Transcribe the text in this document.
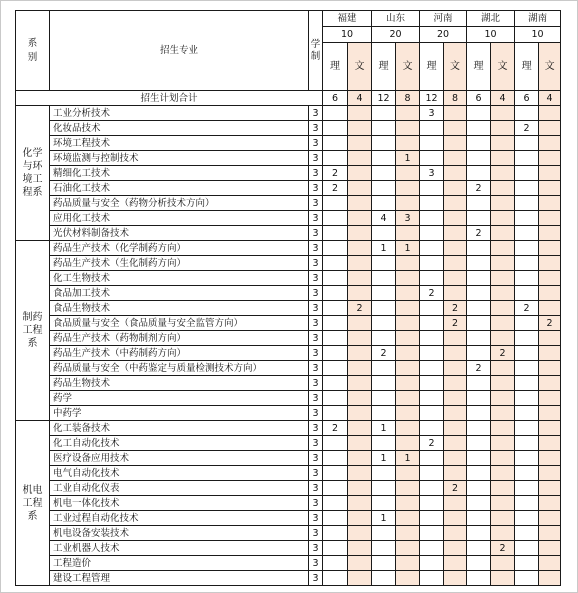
系别	招生专业	学制	福建		山东		河南		湖北		湖南	
			10		20		20		10		10	
			理	文	理	文	理	文	理	文	理	文
招生计划合计			6	4	12	8	12	8	6	4	6	4
化学与环境工程系	工业分析技术	3					3					
	化妆品技术	3									2	
	环境工程技术	3										
	环境监测与控制技术	3				1						
	精细化工技术	3	2				3					
	石油化工技术	3	2						2			
	药品质量与安全（药物分析技术方向）	3										
	应用化工技术	3			4	3						
	光伏材料制备技术	3							2			
制药工程系	药品生产技术（化学制药方向）	3			1	1						
	药品生产技术（生化制药方向）	3										
	化工生物技术	3										
	食品加工技术	3					2					
	食品生物技术	3		2				2			2	
	食品质量与安全（食品质量与安全监管方向）	3						2				2
	药品生产技术（药物制剂方向）	3										
	药品生产技术（中药制药方向）	3			2					2		
	药品质量与安全（中药鉴定与质量检测技术方向）	3							2			
	药品生物技术	3										
	药学	3										
	中药学	3										
机电工程系	化工装备技术	3	2		1							
	化工自动化技术	3					2					
	医疗设备应用技术	3			1	1						
	电气自动化技术	3										
	工业自动化仪表	3						2				
	机电一体化技术	3										
	工业过程自动化技术	3			1							
	机电设备安装技术	3										
	工业机器人技术	3								2		
	工程造价	3										
	建设工程管理	3										
